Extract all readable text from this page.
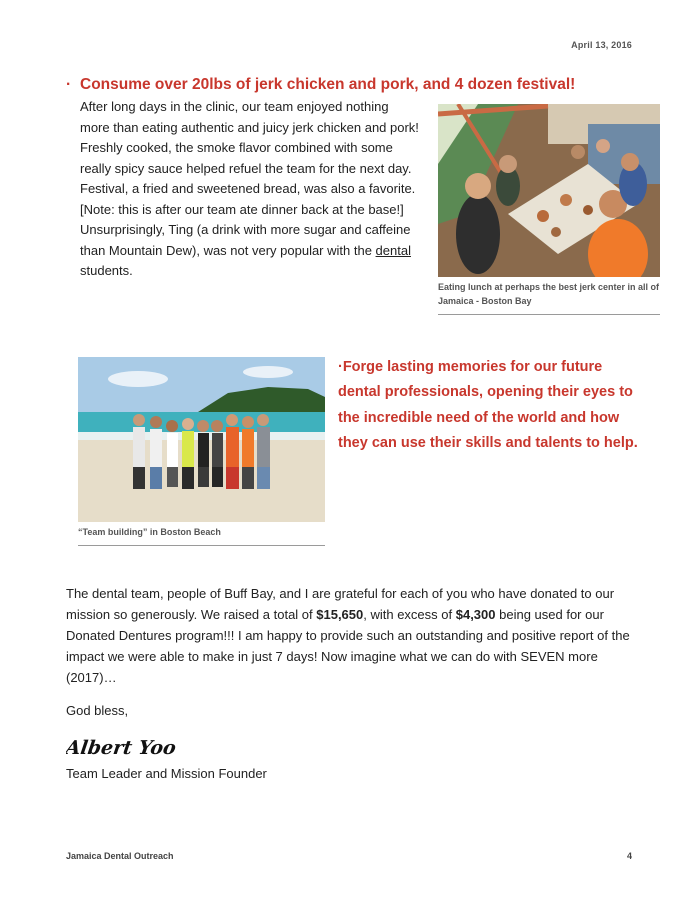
April 13, 2016
· Consume over 20lbs of jerk chicken and pork, and 4 dozen festival!
After long days in the clinic, our team enjoyed nothing more than eating authentic and juicy jerk chicken and pork! Freshly cooked, the smoke flavor combined with some really spicy sauce helped refuel the team for the next day. Festival, a fried and sweetened bread, was also a favorite. [Note: this is after our team ate dinner back at the base!] Unsurprisingly, Ting (a drink with more sugar and caffeine than Mountain Dew), was not very popular with the dental students.
Eating lunch at perhaps the best jerk center in all of Jamaica - Boston Bay
“Team building” in Boston Beach
·Forge lasting memories for our future dental professionals, opening their eyes to the incredible need of the world and how they can use their skills and talents to help.
The dental team, people of Buff Bay, and I are grateful for each of you who have donated to our mission so generously. We raised a total of $15,650, with excess of $4,300 being used for our Donated Dentures program!!! I am happy to provide such an outstanding and positive report of the impact we were able to make in just 7 days! Now imagine what we can do with SEVEN more (2017)…
God bless,
Albert Yoo
Team Leader and Mission Founder
Jamaica Dental Outreach	4
